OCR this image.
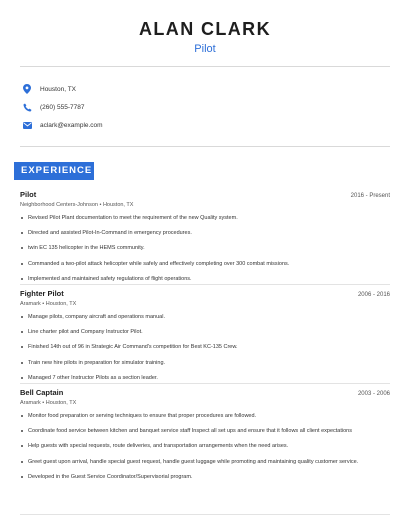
ALAN CLARK
Pilot
Houston, TX
(260) 555-7787
aclark@example.com
EXPERIENCE
Pilot	2016 - Present
Neighborhood Centers-Johnson • Houston, TX
Revised Pilot Plant documentation to meet the requirement of the new Quality system.
Directed and assisted Pilot-In-Command in emergency procedures.
twin EC 135 helicopter in the HEMS community.
Commanded a two-pilot attack helicopter while safely and effectively completing over 300 combat missions.
Implemented and maintained safety regulations of flight operations.
Fighter Pilot	2006 - 2016
Aramark • Houston, TX
Manage pilots, company aircraft and operations manual.
Line charter pilot and Company Instructor Pilot.
Finished 14th out of 96 in Strategic Air Command's competition for Best KC-135 Crew.
Train new hire pilots in preparation for simulator training.
Managed 7 other Instructor Pilots as a section leader.
Bell Captain	2003 - 2006
Aramark • Houston, TX
Monitor food preparation or serving techniques to ensure that proper procedures are followed.
Coordinate food service between kitchen and banquet service staff Inspect all set ups and ensure that it follows all client expectations
Help guests with special requests, route deliveries, and transportation arrangements when the need arises.
Greet guest upon arrival, handle special guest request, handle guest luggage while promoting and maintaining quality customer service.
Developed in the Guest Service Coordinator/Supervisorial program.
